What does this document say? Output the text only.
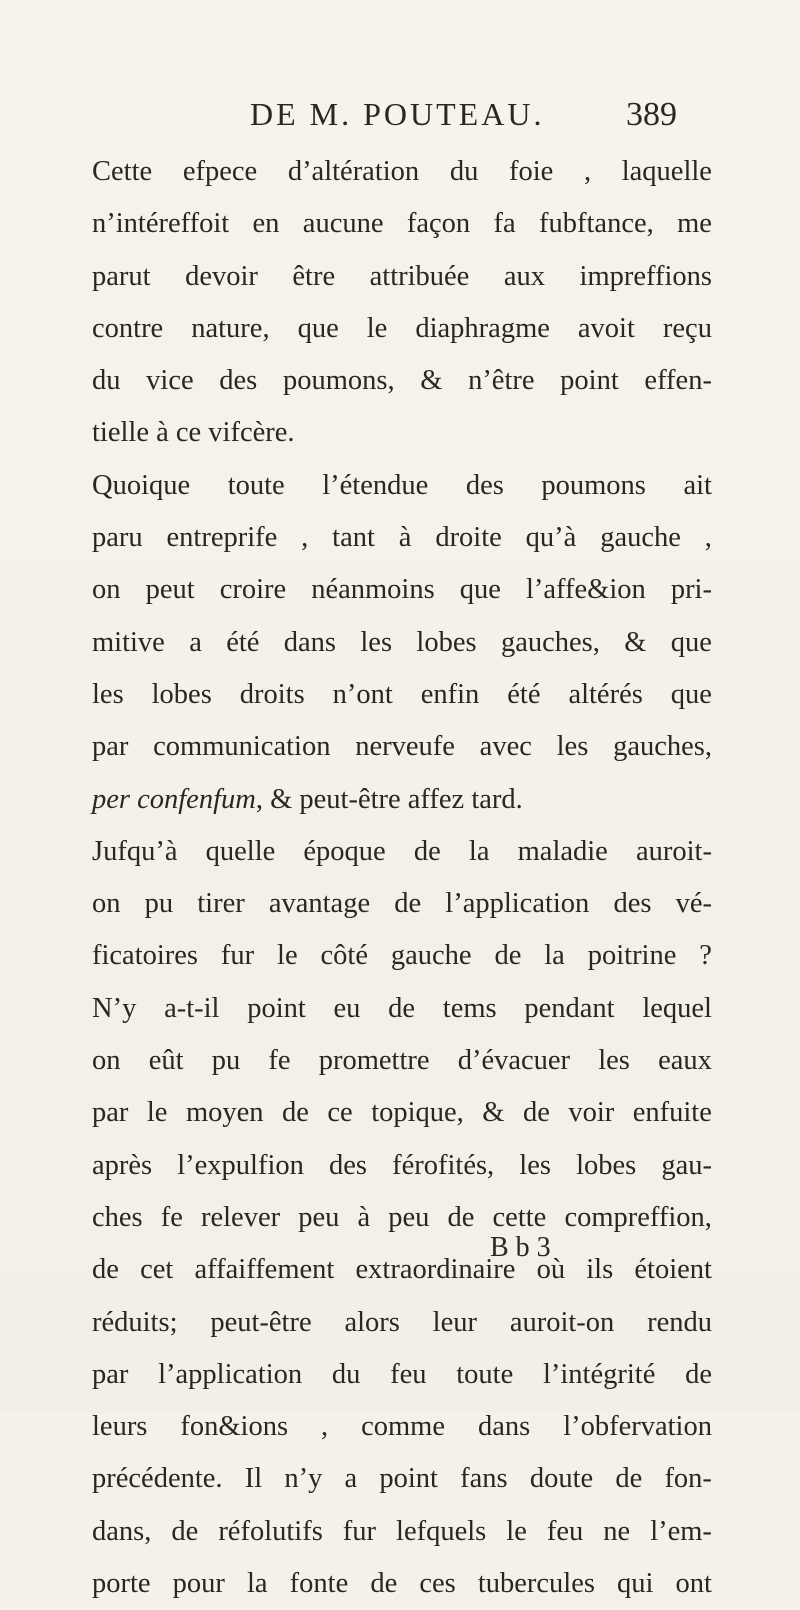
DE M. POUTEAU. 389
Cette efpece d’altération du foie , laquelle
n’intéreffoit en aucune façon fa fubftance, me
parut devoir être attribuée aux impreffions
contre nature, que le diaphragme avoit reçu
du vice des poumons, & n’être point effen-
tielle à ce vifcère.
Quoique toute l’étendue des poumons ait
paru entreprife , tant à droite qu’à gauche ,
on peut croire néanmoins que l’affe&ion pri-
mitive a été dans les lobes gauches, & que
les lobes droits n’ont enfin été altérés que
par communication nerveufe avec les gauches,
per confenfum , & peut-être affez tard.
Jufqu’à quelle époque de la maladie auroit-
on pu tirer avantage de l’application des vé-
ficatoires fur le côté gauche de la poitrine ?
N’y a-t-il point eu de tems pendant lequel
on eût pu fe promettre d’évacuer les eaux
par le moyen de ce topique, & de voir enfuite
après l’expulfion des férofités, les lobes gau-
ches fe relever peu à peu de cette compreffion,
de cet affaiffement extraordinaire où ils étoient
réduits; peut-être alors leur auroit-on rendu
par l’application du feu toute l’intégrité de
leurs fon&ions , comme dans l’obfervation
précédente. Il n’y a point fans doute de fon-
dans, de réfolutifs fur lefquels le feu ne l’em-
porte pour la fonte de ces tubercules qui ont
B b 3
